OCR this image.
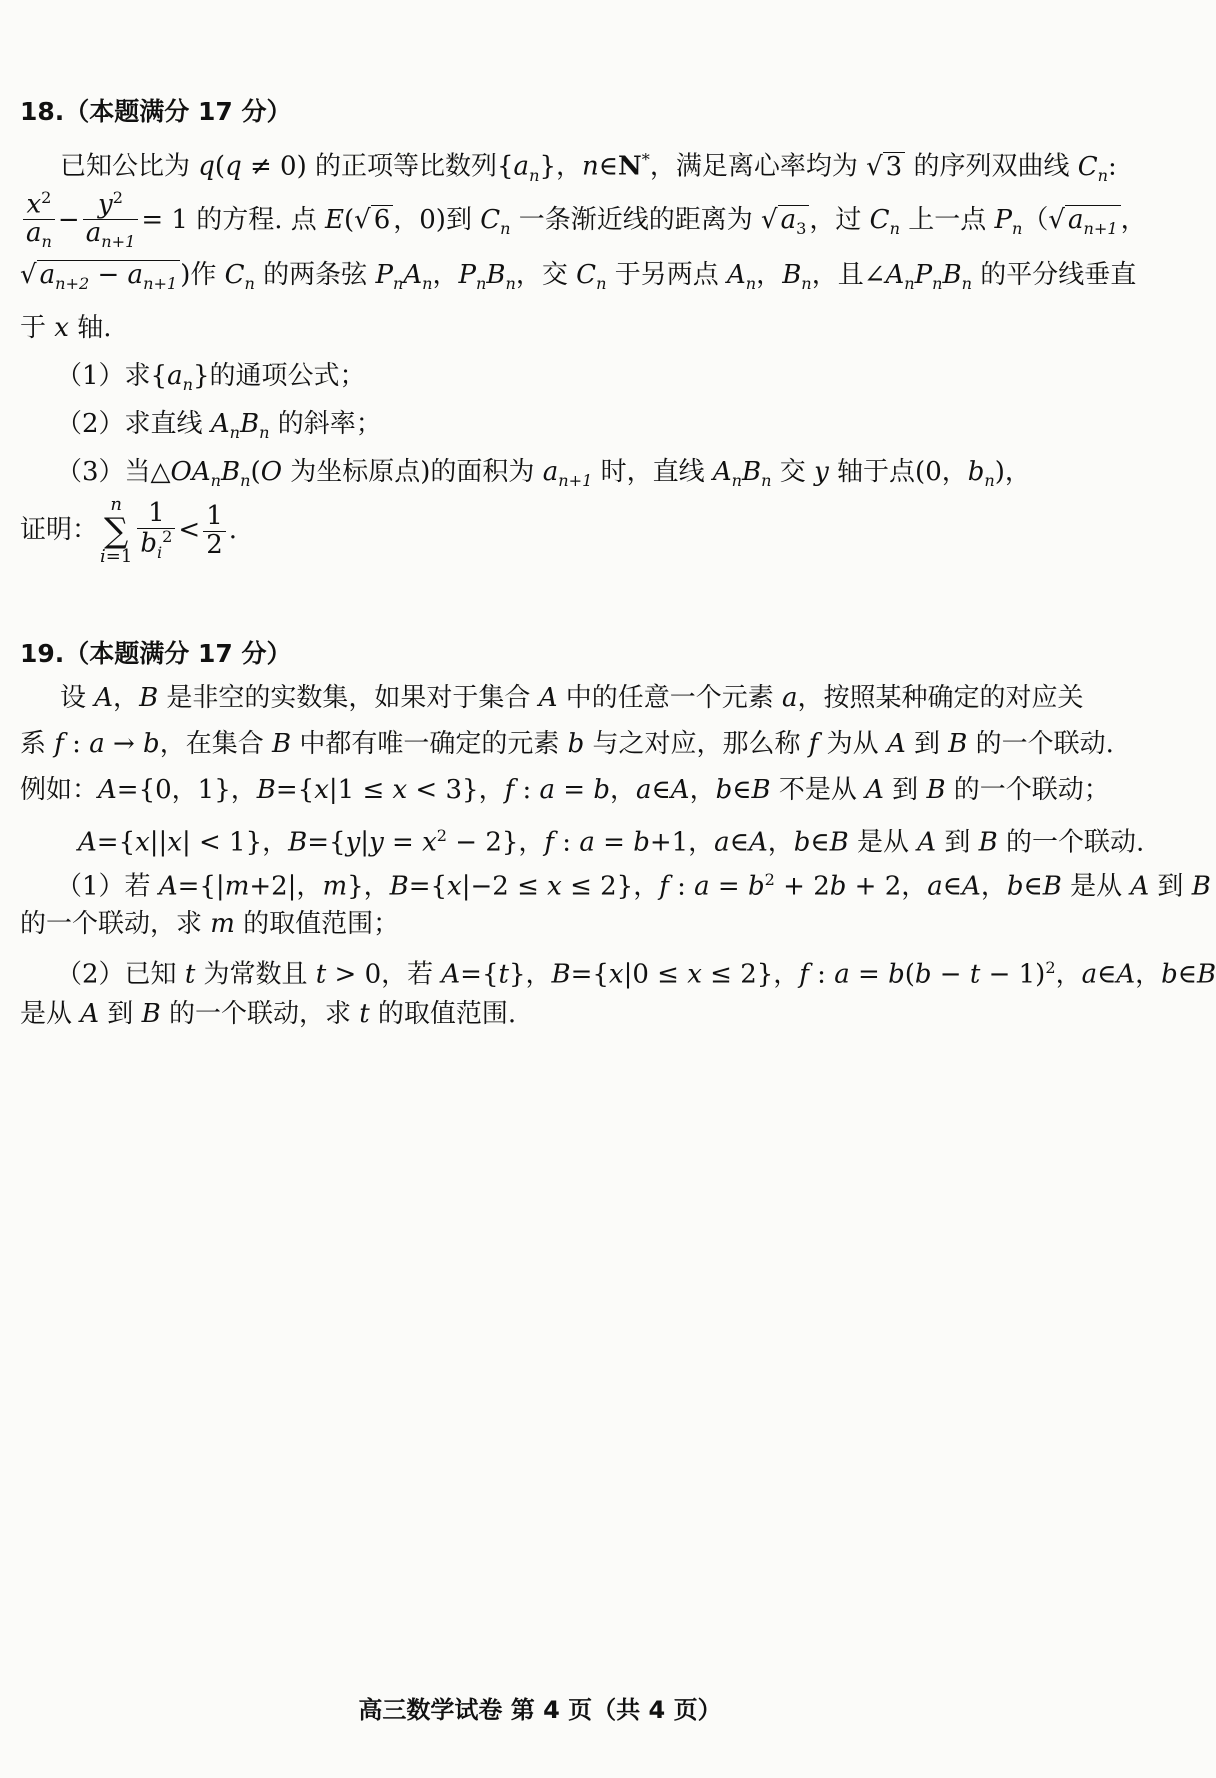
18.（本题满分 17 分）
已知公比为 q(q ≠ 0) 的正项等比数列$\{a_n\}$，n∈N*，满足离心率均为 √ 3 的序列双曲线 $C_n$:
$\frac{x^2}{a_n} - \frac{y^2}{a_{n+1}} = 1$ 的方程. 点 E(√ 6 ，0)到 $C_n$ 一条渐近线的距离为 √ $a_3$ ，过 $C_n$ 上一点 $P_n(√$ $a_{n+1}$ ，
√ $a_{n+2} - a_{n+1}$ )作 $C_n$ 的两条弦 $P_nA_n$，$P_nB_n$，交 $C_n$ 于另两点 $A_n$，$B_n$，且$\angle A_nP_nB_n$ 的平分线垂直
于 x 轴.
（1）求$\{a_n\}$的通项公式；
（2）求直线 $A_nB_n$ 的斜率；
（3）当$\triangle OA_nB_n(O$ 为坐标原点)的面积为 $a_{n+1}$ 时，直线 $A_nB_n$ 交 y 轴于点(0，$b_n$)，
证明：n
∑
$i=1 \frac{1}{b_i^2} < \frac{1}{2}$ .
19.（本题满分 17 分）
设 A，B 是非空的实数集，如果对于集合 A 中的任意一个元素 a，按照某种确定的对应关
系 f : a → b，在集合 B 中都有唯一确定的元素 b 与之对应，那么称 f 为从 A 到 B 的一个联动.
例如：A={0，1}，B={x|1 ≤ x < 3}，f : a = b，a∈A，b∈B 不是从 A 到 B 的一个联动；
A={x||x| < 1}，$B=\{y|y = x^2 - 2\}$，f : a = b+1，a∈A，b∈B 是从 A 到 B 的一个联动.
（1）若 A={|m+2|，m}，B={x|−2 ≤ x ≤ 2}，f : $a = b^2 + 2b + 2$，a∈A，b∈B 是从 A 到 B
的一个联动，求 m 的取值范围；
（2）已知 t 为常数且 t > 0，若 A={t}，B={x|0 ≤ x ≤ 2}，f : $a = b(b - t - 1)^2$，a∈A，b∈B
是从 A 到 B 的一个联动，求 t 的取值范围.
高三数学试卷 第 4 页（共 4 页）
